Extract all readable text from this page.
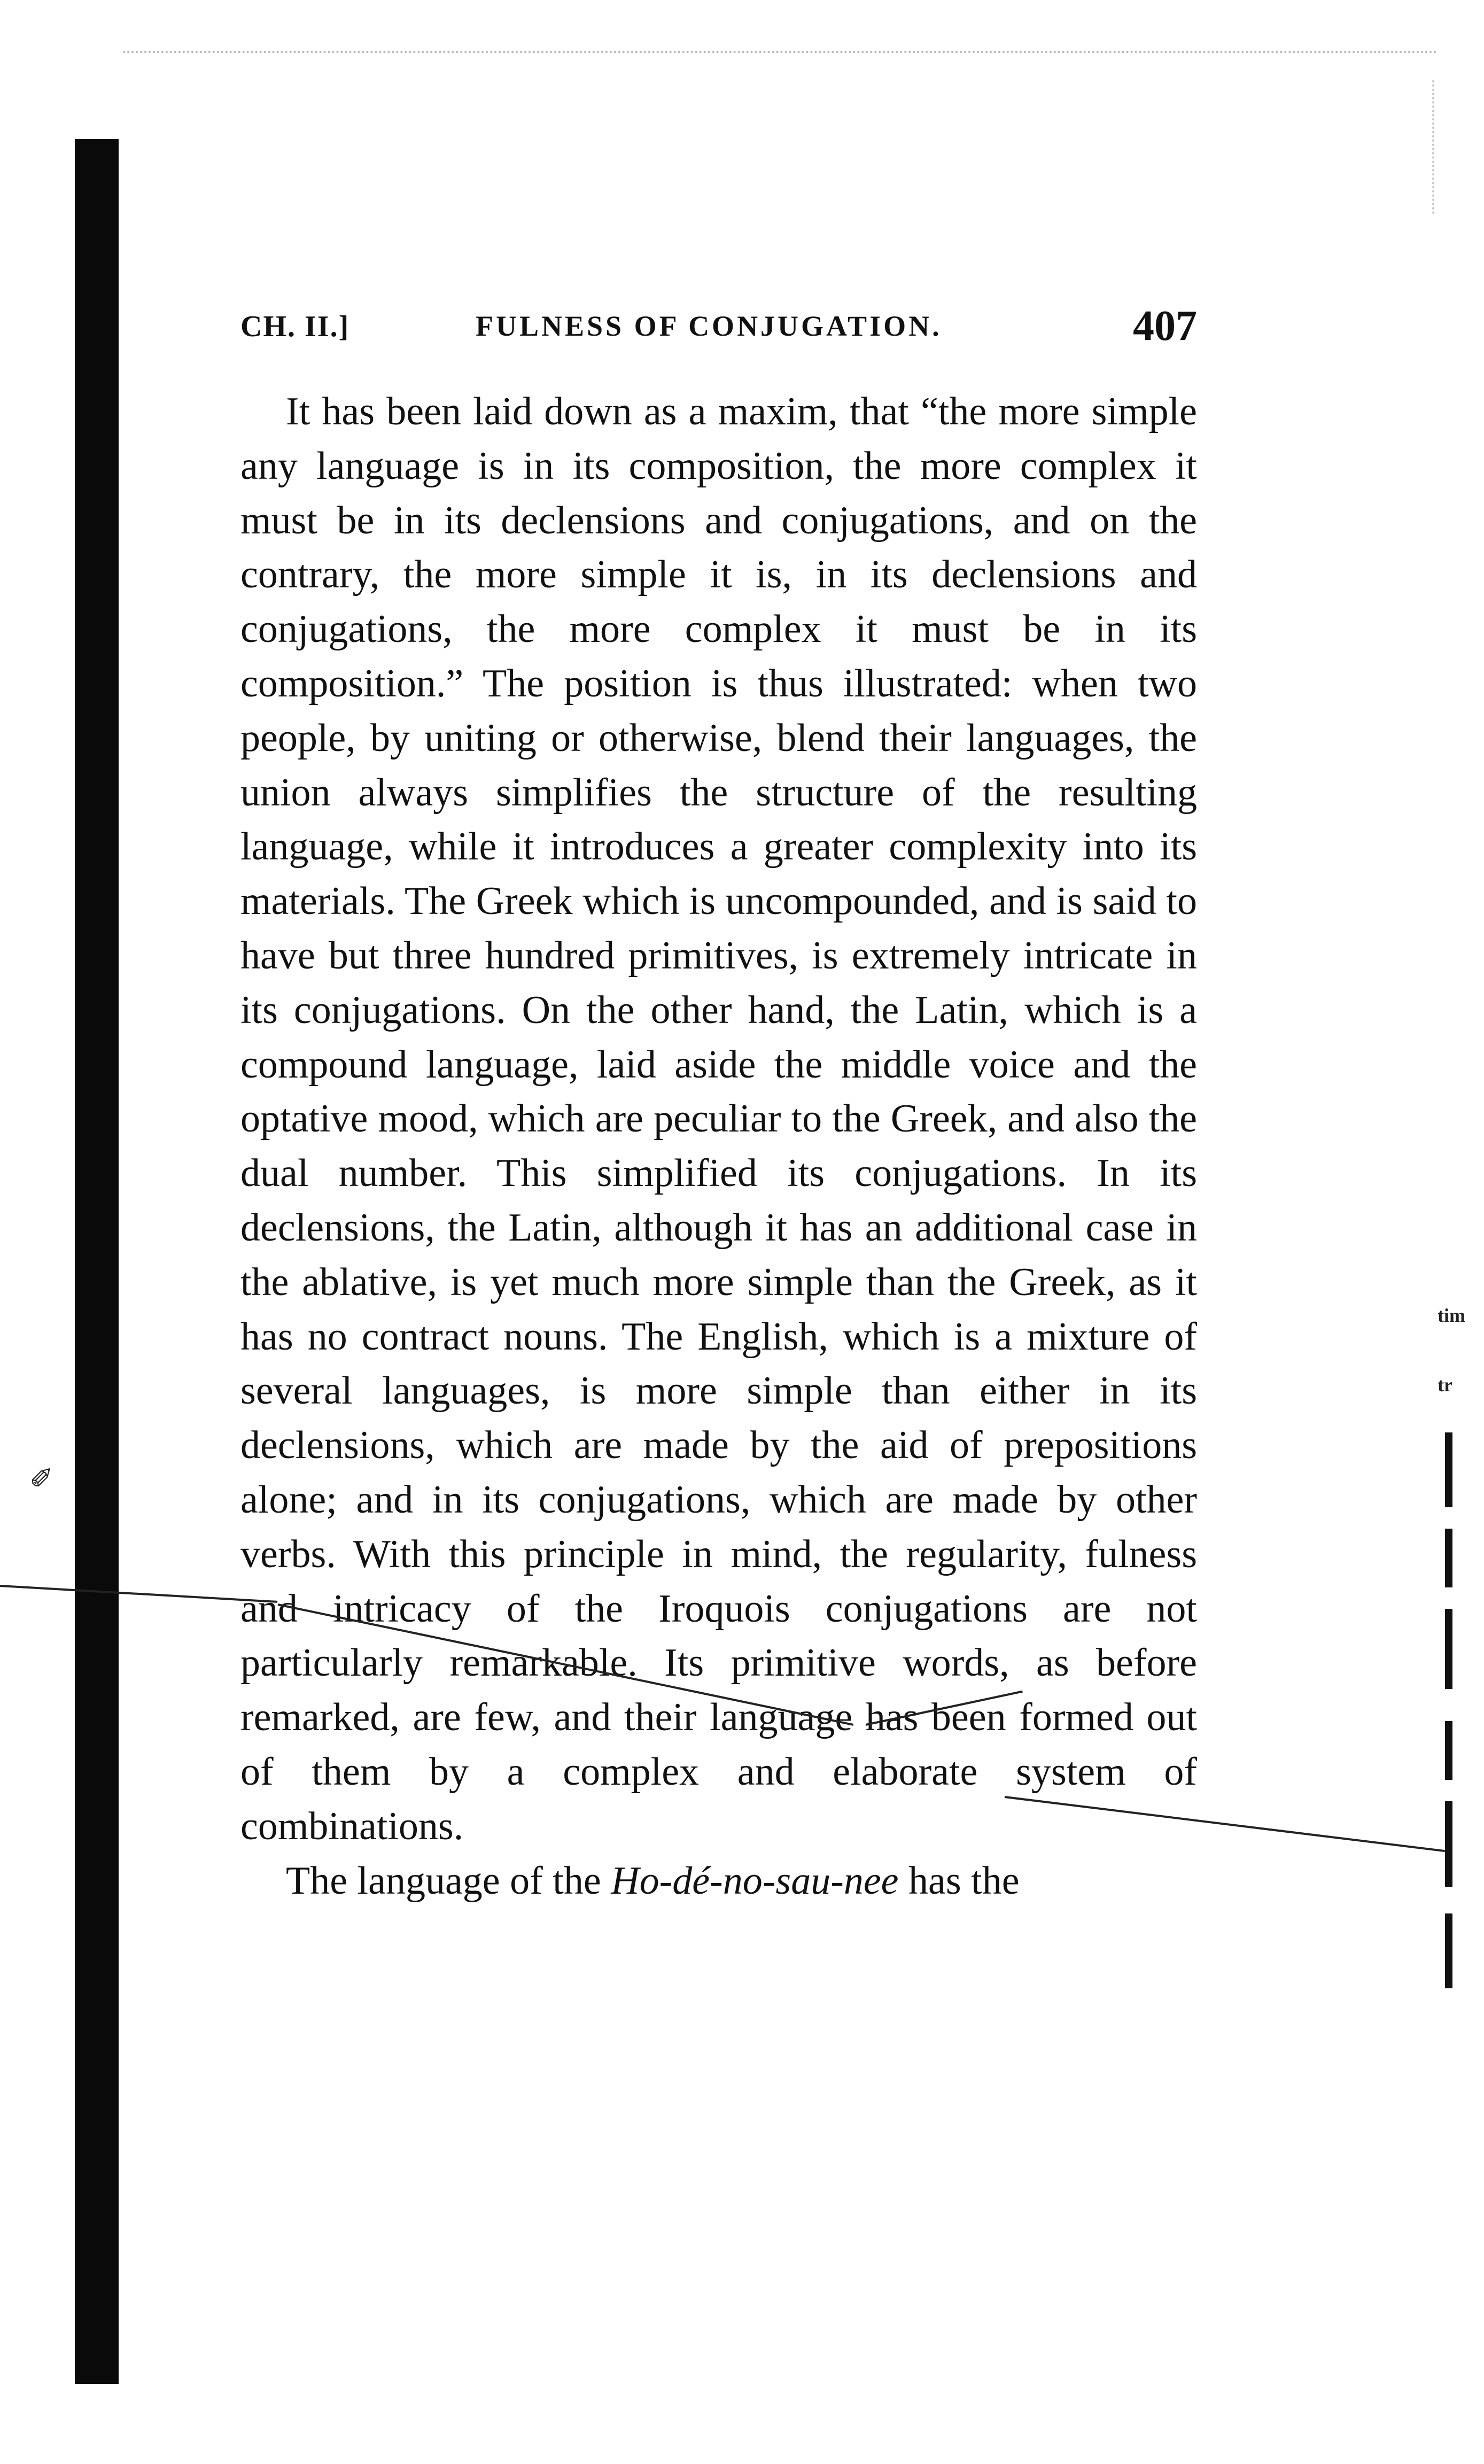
CH. II.]	FULNESS OF CONJUGATION.	407

It has been laid down as a maxim, that “the more simple any language is in its composition, the more complex it must be in its declensions and conjugations, and on the contrary, the more simple it is, in its declensions and conjugations, the more complex it must be in its composition.” The position is thus illustrated: when two people, by uniting or otherwise, blend their languages, the union always simplifies the structure of the resulting language, while it introduces a greater complexity into its materials. The Greek which is uncompounded, and is said to have but three hundred primitives, is extremely intricate in its conjugations. On the other hand, the Latin, which is a compound language, laid aside the middle voice and the optative mood, which are peculiar to the Greek, and also the dual number. This simplified its conjugations. In its declensions, the Latin, although it has an additional case in the ablative, is yet much more simple than the Greek, as it has no contract nouns. The English, which is a mixture of several languages, is more simple than either in its declensions, which are made by the aid of prepositions alone; and in its conjugations, which are made by other verbs. With this principle in mind, the regularity, fulness and intricacy of the Iroquois conjugations are not particularly remarkable. Its primitive words, as before remarked, are few, and their language has been formed out of them by a complex and elaborate system of combinations.

The language of the Ho-dé-no-sau-nee has the

✐
tim
tr
